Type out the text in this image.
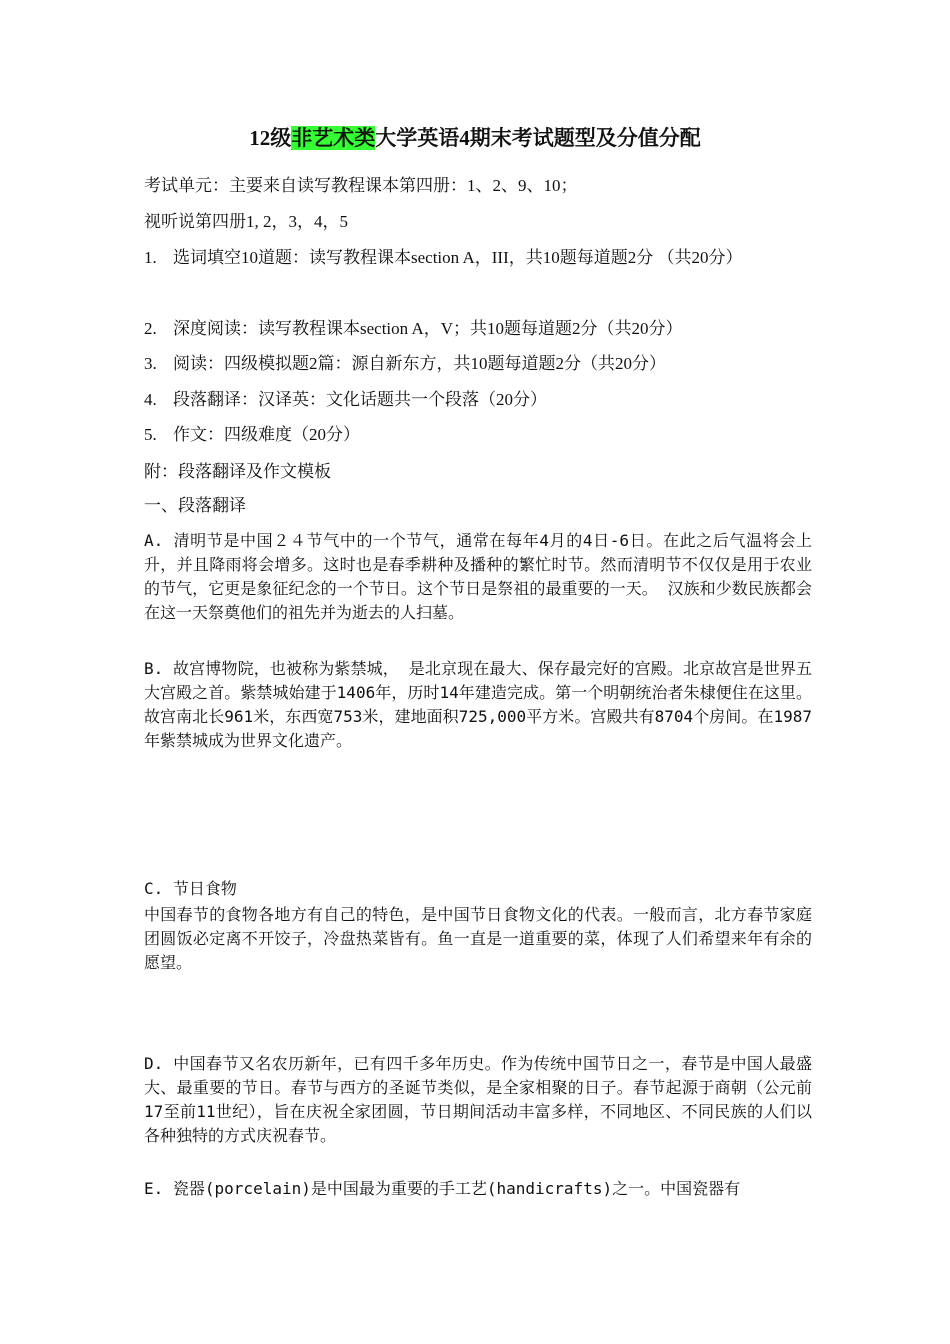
12级非艺术类大学英语4期末考试题型及分值分配
考试单元：主要来自读写教程课本第四册：1、2、9、10；
视听说第四册1, 2，3，4，5
1. 选词填空10道题：读写教程课本section A，III，共10题每道题2分 （共20分）
2. 深度阅读：读写教程课本section A，V；共10题每道题2分（共20分）
3. 阅读：四级模拟题2篇：源自新东方，共10题每道题2分（共20分）
4. 段落翻译：汉译英：文化话题共一个段落（20分）
5. 作文：四级难度（20分）
附：段落翻译及作文模板
一、段落翻译
A. 清明节是中国２４节气中的一个节气，通常在每年4月的4日-6日。在此之后气温将会上升，并且降雨将会增多。这时也是春季耕种及播种的繁忙时节。然而清明节不仅仅是用于农业的节气，它更是象征纪念的一个节日。这个节日是祭祖的最重要的一天。 汉族和少数民族都会在这一天祭奠他们的祖先并为逝去的人扫墓。
B. 故宫博物院，也被称为紫禁城， 是北京现在最大、保存最完好的宫殿。北京故宫是世界五大宫殿之首。紫禁城始建于1406年，历时14年建造完成。第一个明朝统治者朱棣便住在这里。故宫南北长961米，东西宽753米，建地面积725,000平方米。宫殿共有8704个房间。在1987年紫禁城成为世界文化遗产。
C. 节日食物
中国春节的食物各地方有自己的特色，是中国节日食物文化的代表。一般而言，北方春节家庭团圆饭必定离不开饺子，冷盘热菜皆有。鱼一直是一道重要的菜，体现了人们希望来年有余的愿望。
D. 中国春节又名农历新年，已有四千多年历史。作为传统中国节日之一，春节是中国人最盛大、最重要的节日。春节与西方的圣诞节类似，是全家相聚的日子。春节起源于商朝（公元前17至前11世纪），旨在庆祝全家团圆，节日期间活动丰富多样，不同地区、不同民族的人们以各种独特的方式庆祝春节。
E. 瓷器(porcelain)是中国最为重要的手工艺(handicrafts)之一。中国瓷器有
